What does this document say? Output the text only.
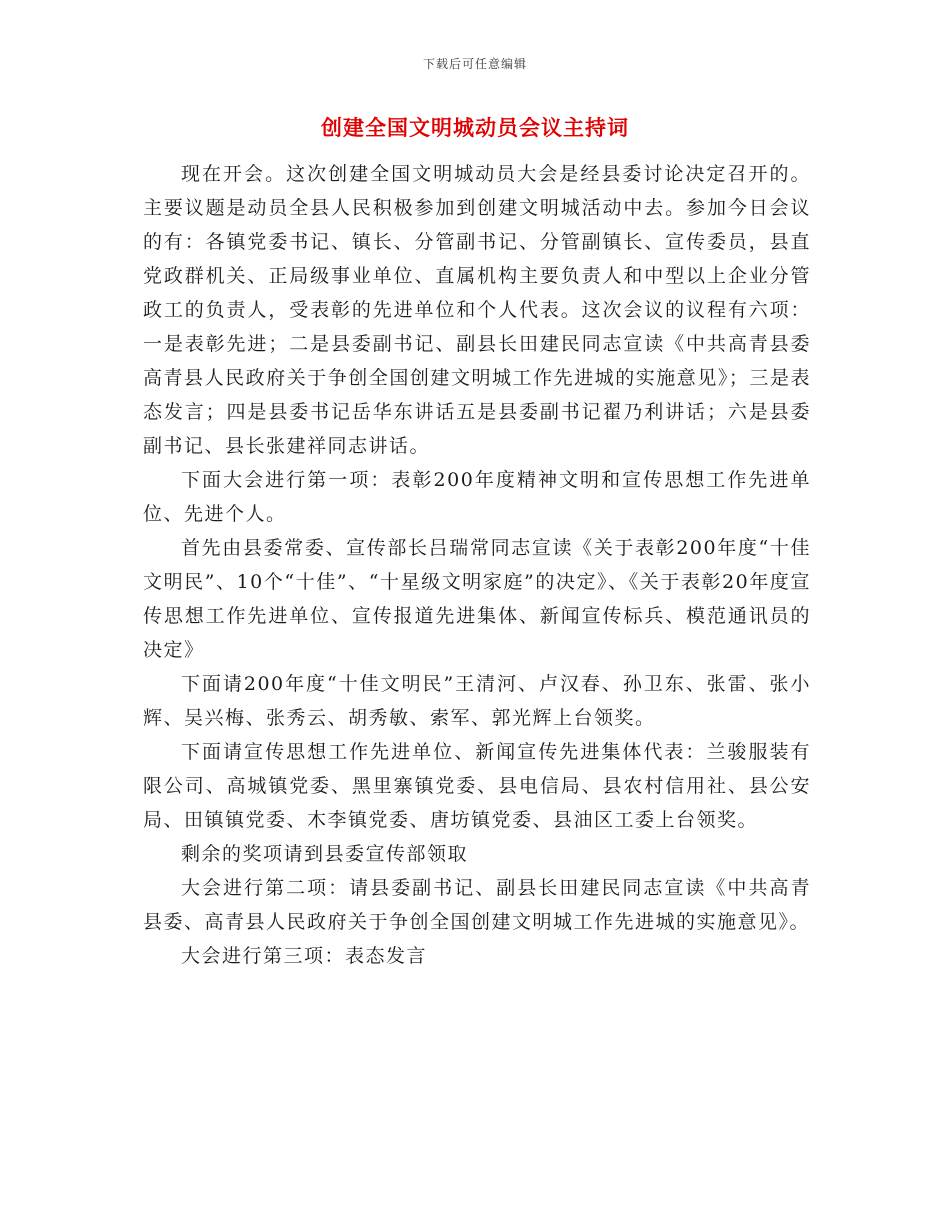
下载后可任意编辑
创建全国文明城动员会议主持词

现在开会。这次创建全国文明城动员大会是经县委讨论决定召开的。主要议题是动员全县人民积极参加到创建文明城活动中去。参加今日会议的有：各镇党委书记、镇长、分管副书记、分管副镇长、宣传委员，县直党政群机关、正局级事业单位、直属机构主要负责人和中型以上企业分管政工的负责人，受表彰的先进单位和个人代表。这次会议的议程有六项：一是表彰先进；二是县委副书记、副县长田建民同志宣读《中共高青县委高青县人民政府关于争创全国创建文明城工作先进城的实施意见》；三是表态发言；四是县委书记岳华东讲话五是县委副书记翟乃利讲话；六是县委副书记、县长张建祥同志讲话。

下面大会进行第一项：表彰200年度精神文明和宣传思想工作先进单位、先进个人。

首先由县委常委、宣传部长吕瑞常同志宣读《关于表彰200年度“十佳文明民”、10个“十佳”、“十星级文明家庭”的决定》、《关于表彰20年度宣传思想工作先进单位、宣传报道先进集体、新闻宣传标兵、模范通讯员的决定》

下面请200年度“十佳文明民”王清河、卢汉春、孙卫东、张雷、张小辉、吴兴梅、张秀云、胡秀敏、索军、郭光辉上台领奖。

下面请宣传思想工作先进单位、新闻宣传先进集体代表：兰骏服装有限公司、高城镇党委、黑里寨镇党委、县电信局、县农村信用社、县公安局、田镇镇党委、木李镇党委、唐坊镇党委、县油区工委上台领奖。

剩余的奖项请到县委宣传部领取

大会进行第二项：请县委副书记、副县长田建民同志宣读《中共高青县委、高青县人民政府关于争创全国创建文明城工作先进城的实施意见》。

大会进行第三项：表态发言
